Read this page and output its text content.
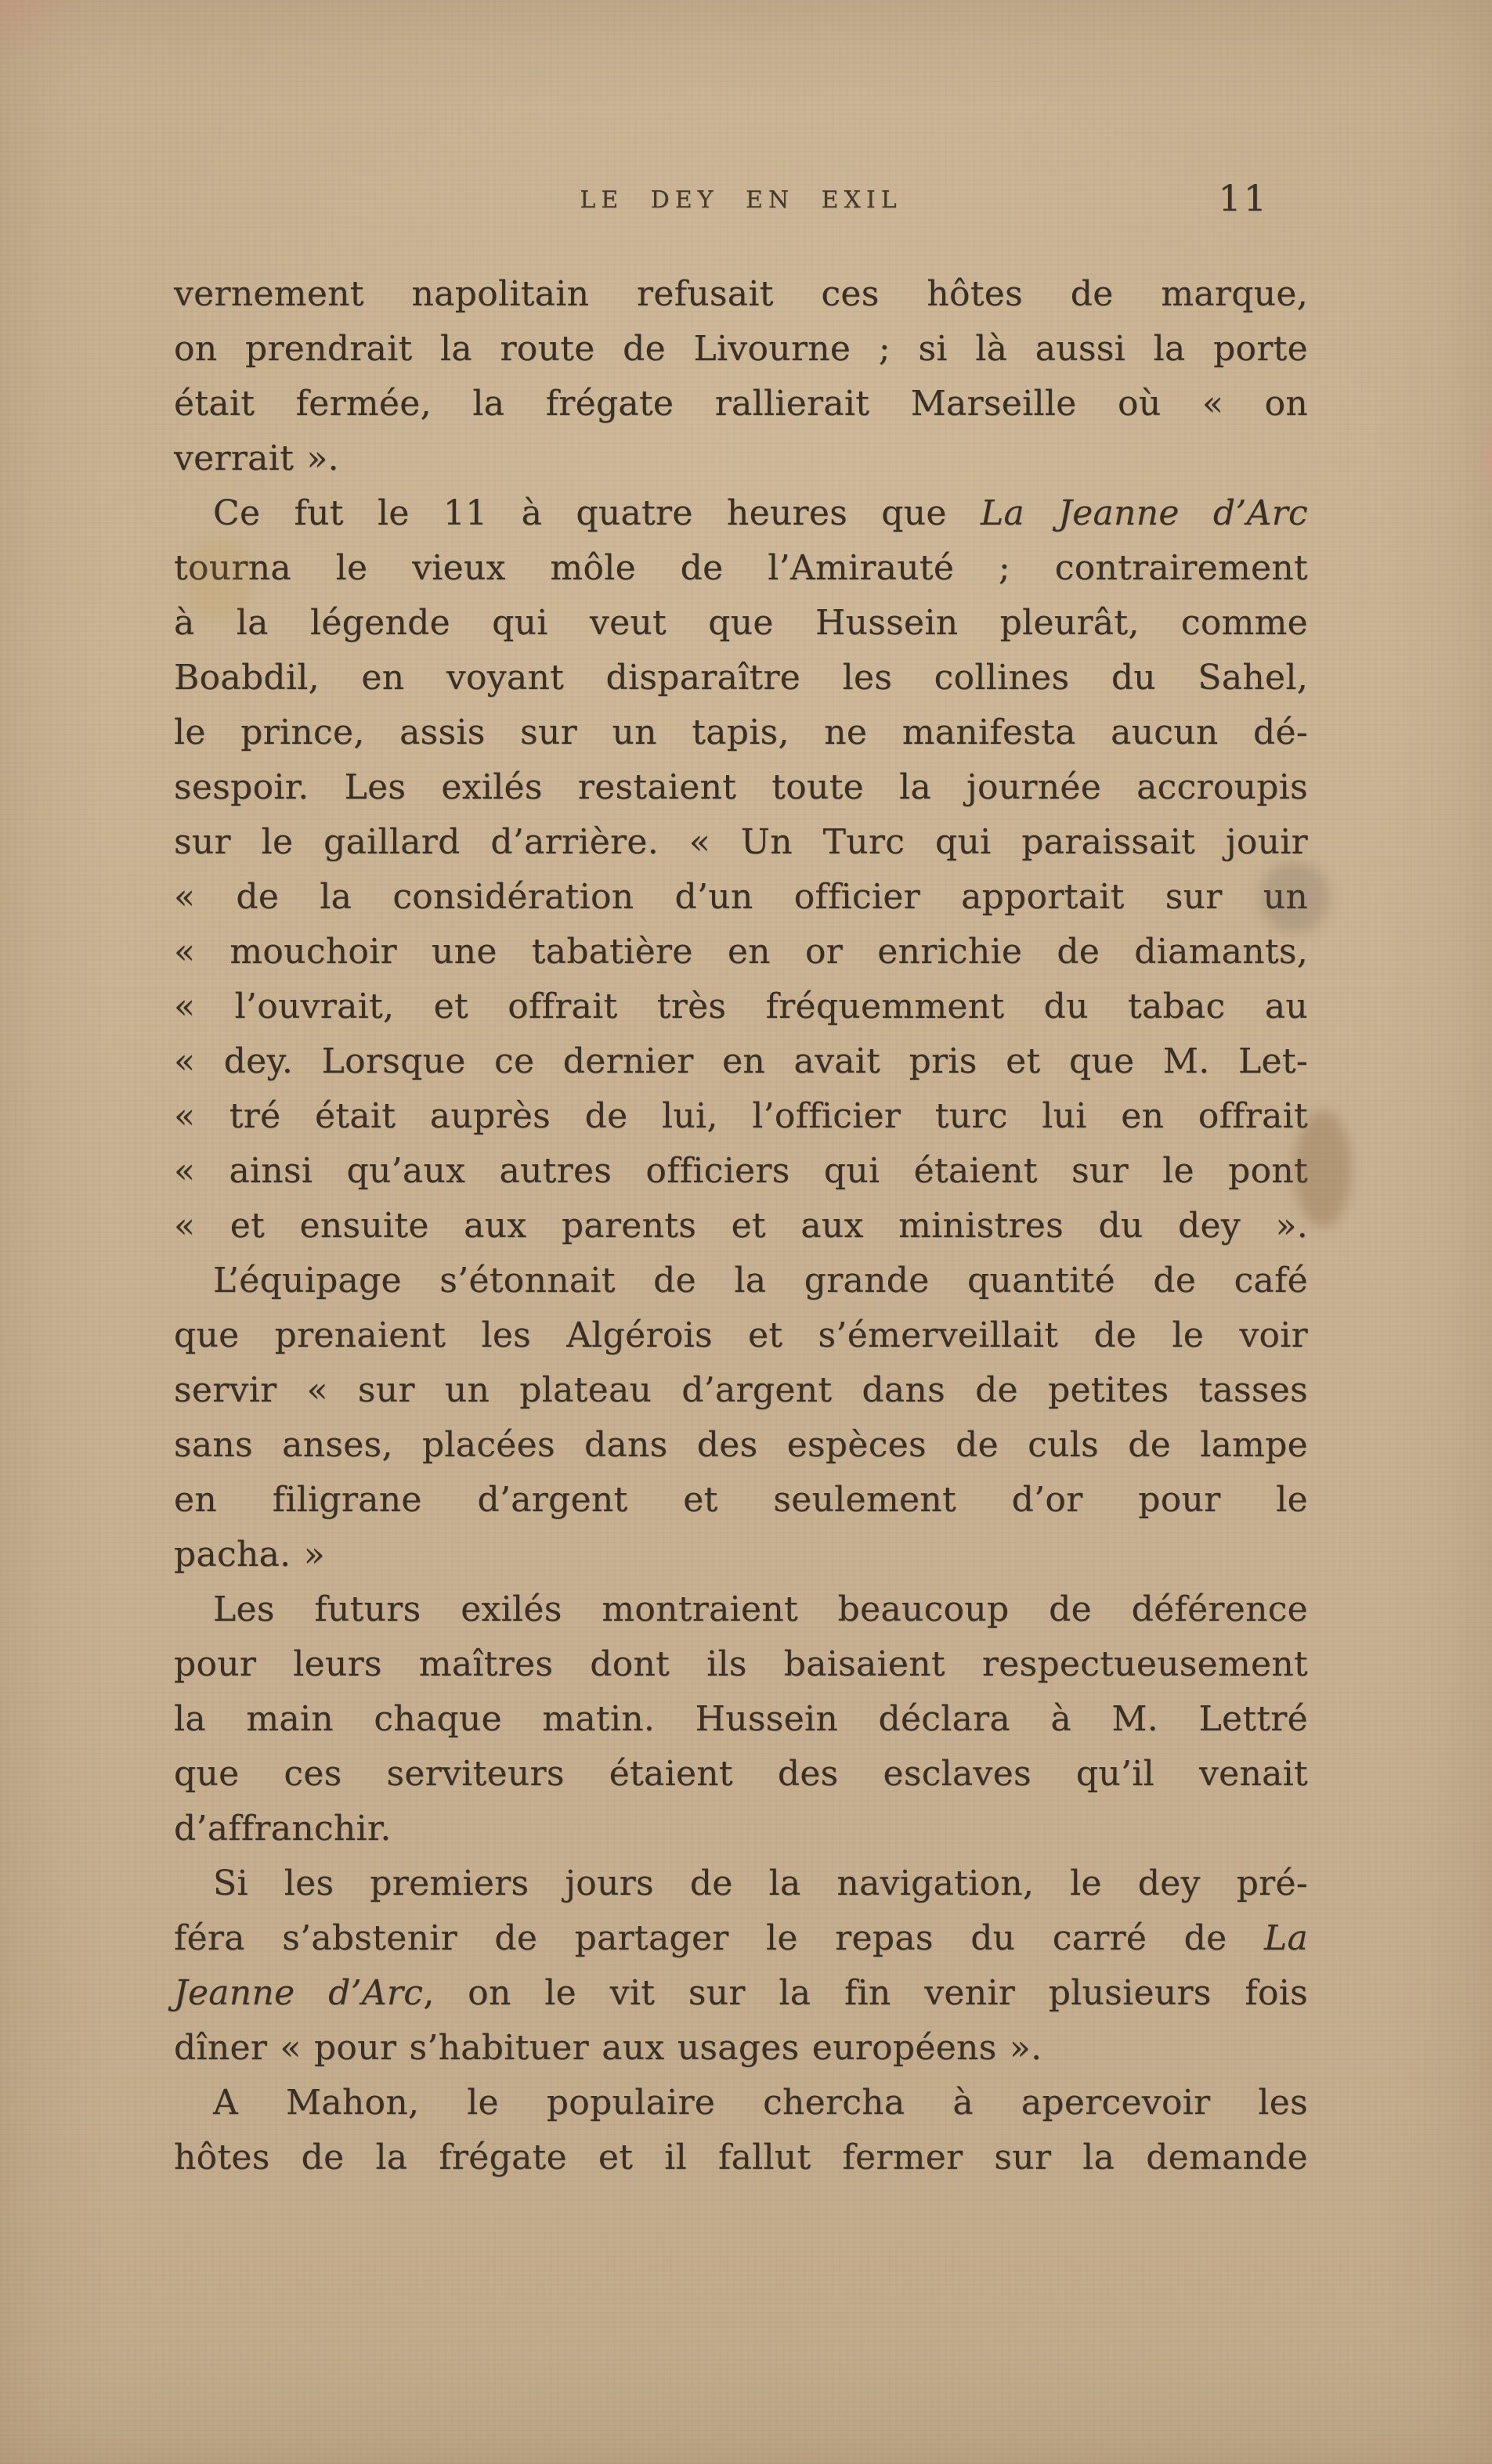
LE DEY EN EXIL	11
vernement napolitain refusait ces hôtes de marque,
on prendrait la route de Livourne ; si là aussi la porte
était fermée, la frégate rallierait Marseille où « on
verrait ».
Ce fut le 11 à quatre heures que La Jeanne d’Arc
tourna le vieux môle de l’Amirauté ; contrairement
à la légende qui veut que Hussein pleurât, comme
Boabdil, en voyant disparaître les collines du Sahel,
le prince, assis sur un tapis, ne manifesta aucun dé-
sespoir. Les exilés restaient toute la journée accroupis
sur le gaillard d’arrière. « Un Turc qui paraissait jouir
« de la considération d’un officier apportait sur un
« mouchoir une tabatière en or enrichie de diamants,
« l’ouvrait, et offrait très fréquemment du tabac au
« dey. Lorsque ce dernier en avait pris et que M. Let-
« tré était auprès de lui, l’officier turc lui en offrait
« ainsi qu’aux autres officiers qui étaient sur le pont
« et ensuite aux parents et aux ministres du dey ».
L’équipage s’étonnait de la grande quantité de café
que prenaient les Algérois et s’émerveillait de le voir
servir « sur un plateau d’argent dans de petites tasses
sans anses, placées dans des espèces de culs de lampe
en filigrane d’argent et seulement d’or pour le
pacha. »
Les futurs exilés montraient beaucoup de déférence
pour leurs maîtres dont ils baisaient respectueusement
la main chaque matin. Hussein déclara à M. Lettré
que ces serviteurs étaient des esclaves qu’il venait
d’affranchir.
Si les premiers jours de la navigation, le dey pré-
féra s’abstenir de partager le repas du carré de La
Jeanne d’Arc, on le vit sur la fin venir plusieurs fois
dîner « pour s’habituer aux usages européens ».
A Mahon, le populaire chercha à apercevoir les
hôtes de la frégate et il fallut fermer sur la demande
